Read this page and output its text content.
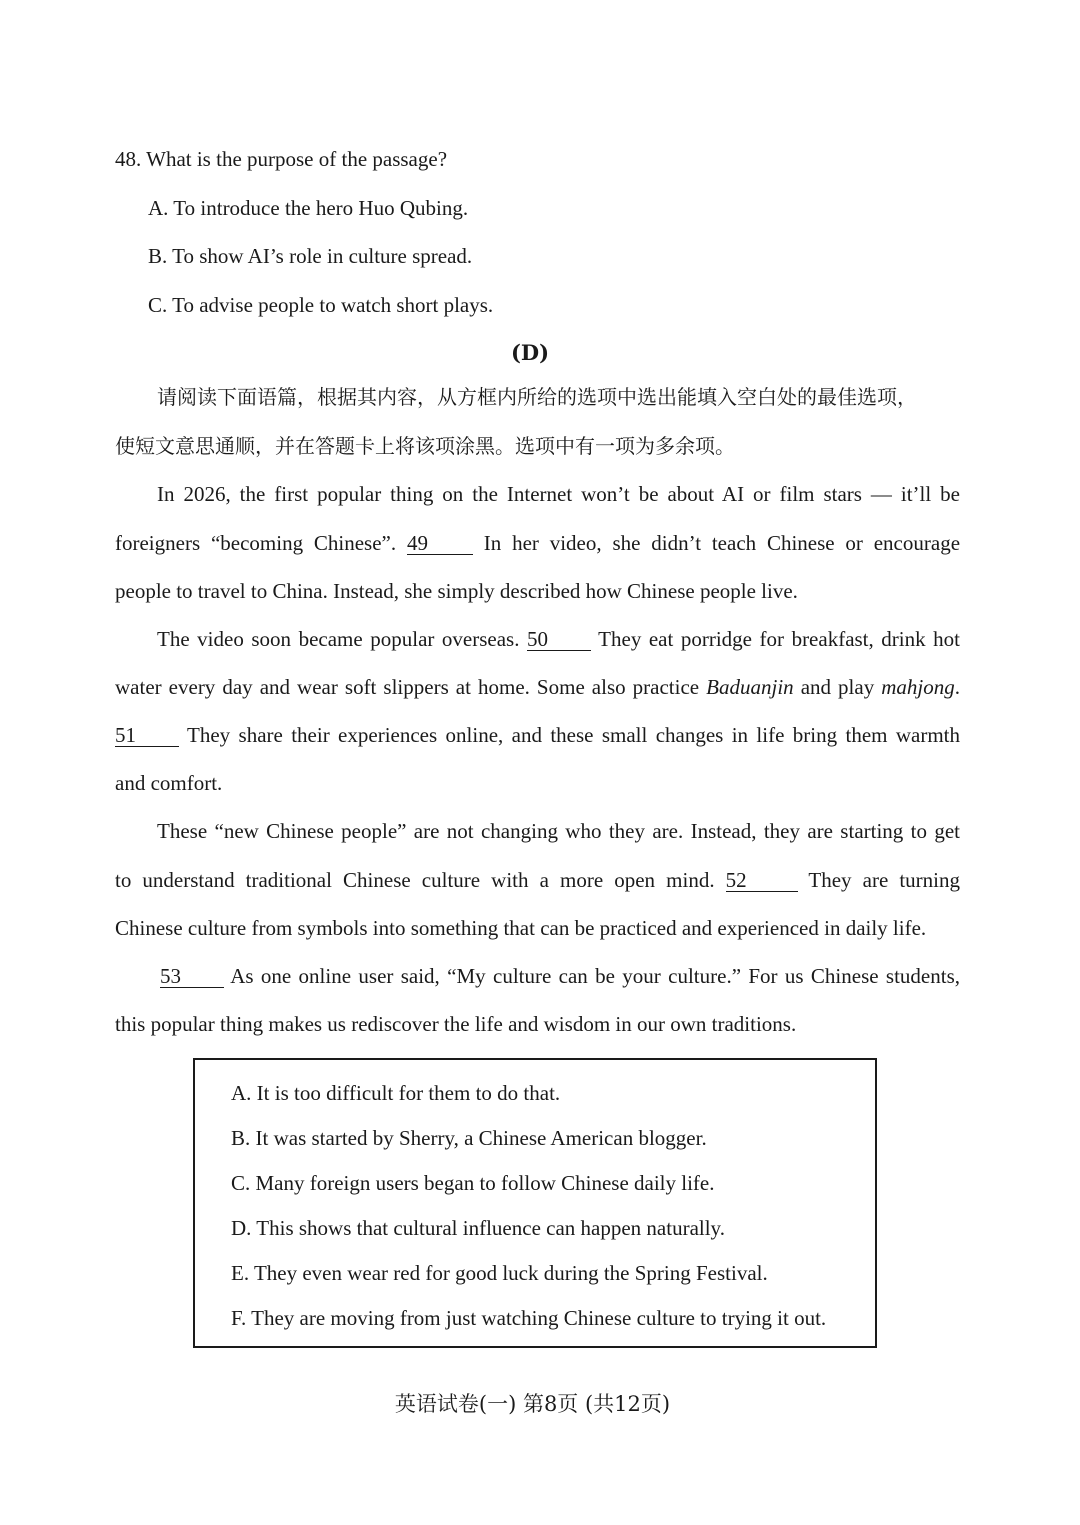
48. What is the purpose of the passage?

A. To introduce the hero Huo Qubing.

B. To show AI’s role in culture spread.

C. To advise people to watch short plays.

(D)

请阅读下面语篇，根据其内容，从方框内所给的选项中选出能填入空白处的最佳选项，

使短文意思通顺，并在答题卡上将该项涂黑。选项中有一项为多余项。

In 2026, the first popular thing on the Internet won’t be about AI or film stars — it’ll be

foreigners “becoming Chinese”. 49	In her video, she didn’t teach Chinese or encourage

people to travel to China. Instead, she simply described how Chinese people live.

The video soon became popular overseas. 50 They eat porridge for breakfast, drink hot

water every day and wear soft slippers at home. Some also practice Baduanjin and play mahjong.

51 They share their experiences online, and these small changes in life bring them warmth

and comfort.

These “new Chinese people” are not changing who they are. Instead, they are starting to get

to understand traditional Chinese culture with a more open mind. 52	They are turning

Chinese culture from symbols into something that can be practiced and experienced in daily life.

53 As one online user said, “My culture can be your culture.” For us Chinese students,

this popular thing makes us rediscover the life and wisdom in our own traditions.

A. It is too difficult for them to do that.

B. It was started by Sherry, a Chinese American blogger.

C. Many foreign users began to follow Chinese daily life.

D. This shows that cultural influence can happen naturally.

E. They even wear red for good luck during the Spring Festival.

F. They are moving from just watching Chinese culture to trying it out.

英语试卷(一) 第8页 (共12页)
